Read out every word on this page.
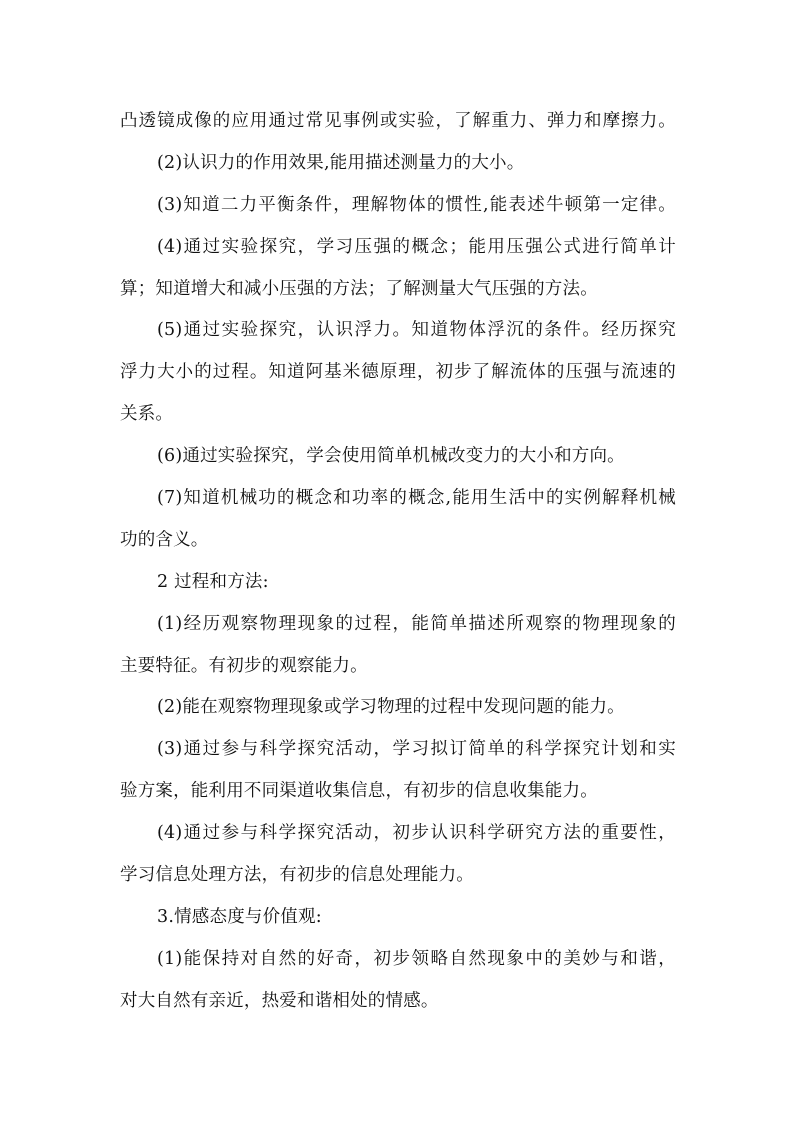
凸透镜成像的应用通过常见事例或实验，了解重力、弹力和摩擦力。
(2)认识力的作用效果,能用描述测量力的大小。
(3)知道二力平衡条件，理解物体的惯性,能表述牛顿第一定律。
(4)通过实验探究，学习压强的概念；能用压强公式进行简单计
算；知道增大和减小压强的方法；了解测量大气压强的方法。
(5)通过实验探究，认识浮力。知道物体浮沉的条件。经历探究
浮力大小的过程。知道阿基米德原理，初步了解流体的压强与流速的
关系。
(6)通过实验探究，学会使用简单机械改变力的大小和方向。
(7)知道机械功的概念和功率的概念,能用生活中的实例解释机械
功的含义。
2 过程和方法:
(1)经历观察物理现象的过程，能简单描述所观察的物理现象的
主要特征。有初步的观察能力。
(2)能在观察物理现象或学习物理的过程中发现问题的能力。
(3)通过参与科学探究活动，学习拟订简单的科学探究计划和实
验方案，能利用不同渠道收集信息，有初步的信息收集能力。
(4)通过参与科学探究活动，初步认识科学研究方法的重要性，
学习信息处理方法，有初步的信息处理能力。
3.情感态度与价值观:
(1)能保持对自然的好奇，初步领略自然现象中的美妙与和谐，
对大自然有亲近，热爱和谐相处的情感。
